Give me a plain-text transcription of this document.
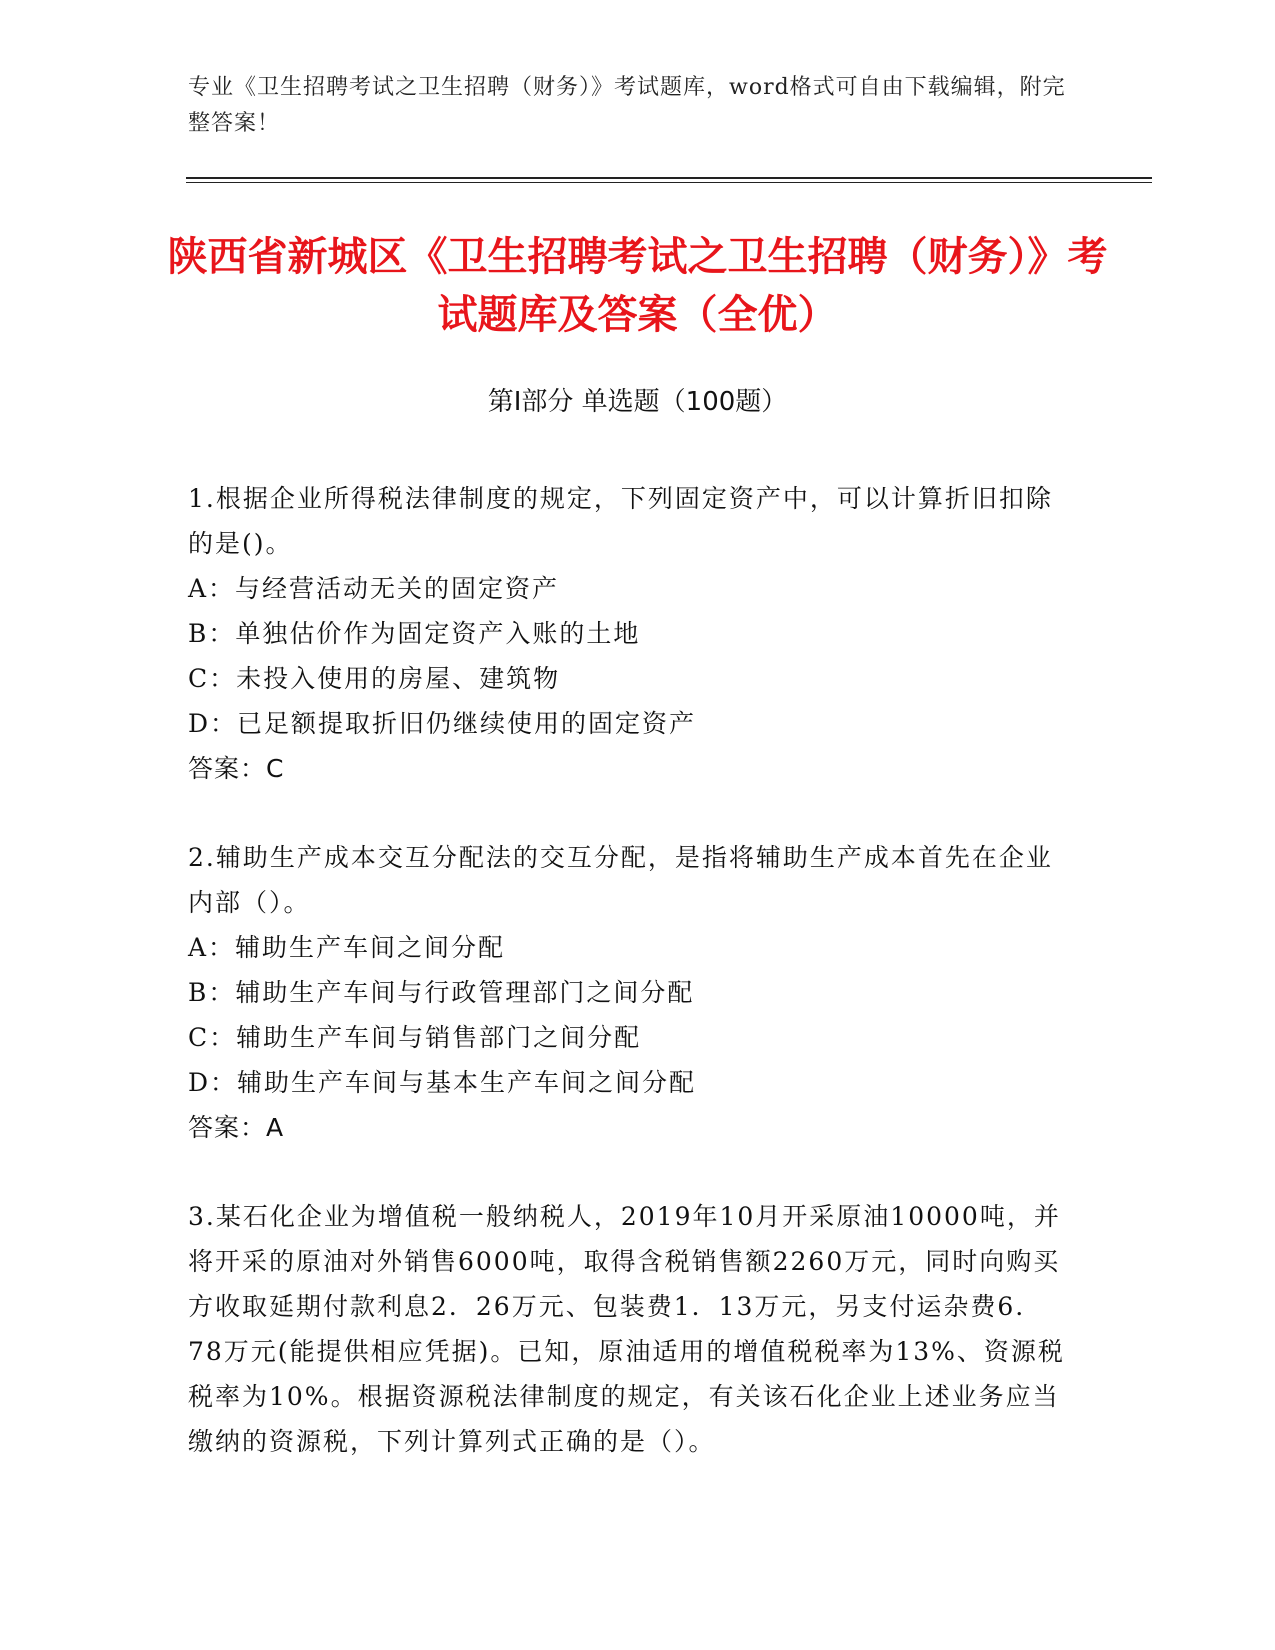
专业《卫生招聘考试之卫生招聘（财务）》考试题库，word格式可自由下载编辑，附完整答案！
陕西省新城区《卫生招聘考试之卫生招聘（财务）》考试题库及答案（全优）
第Ⅰ部分 单选题（100题）
1.根据企业所得税法律制度的规定，下列固定资产中，可以计算折旧扣除的是()。
A：与经营活动无关的固定资产
B：单独估价作为固定资产入账的土地
C：未投入使用的房屋、建筑物
D：已足额提取折旧仍继续使用的固定资产
答案：C
2.辅助生产成本交互分配法的交互分配，是指将辅助生产成本首先在企业内部（）。
A：辅助生产车间之间分配
B：辅助生产车间与行政管理部门之间分配
C：辅助生产车间与销售部门之间分配
D：辅助生产车间与基本生产车间之间分配
答案：A
3.某石化企业为增值税一般纳税人，2019年10月开采原油10000吨，并将开采的原油对外销售6000吨，取得含税销售额2260万元，同时向购买方收取延期付款利息2．26万元、包装费1．13万元，另支付运杂费6．78万元(能提供相应凭据)。已知，原油适用的增值税税率为13%、资源税税率为10%。根据资源税法律制度的规定，有关该石化企业上述业务应当缴纳的资源税，下列计算列式正确的是（）。
